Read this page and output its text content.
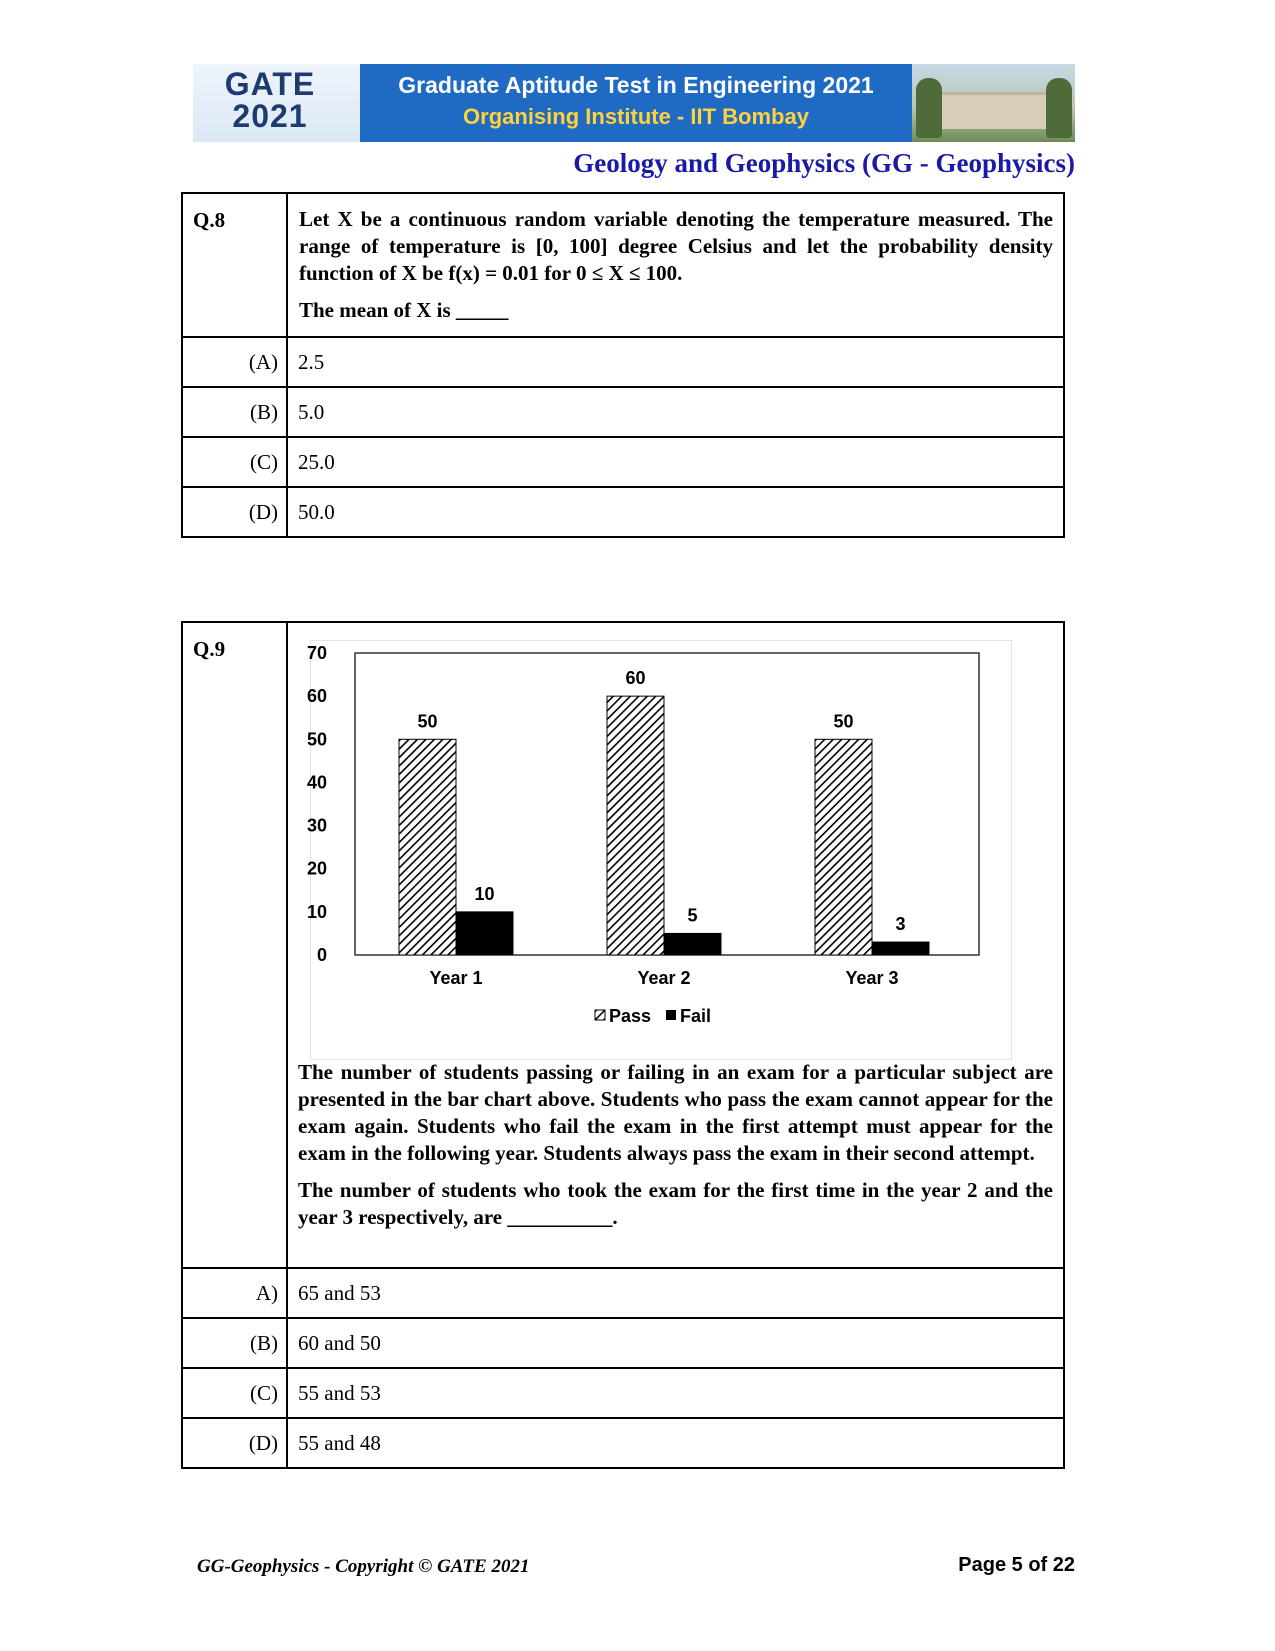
GATE
2021
Graduate Aptitude Test in Engineering 2021
Organising Institute - IIT Bombay
Geology and Geophysics (GG - Geophysics)
Q.8	Let X be a continuous random variable denoting the temperature measured. The range of temperature is [0, 100] degree Celsius and let the probability density function of X be f(x) = 0.01 for 0 ≤ X ≤ 100.
The mean of X is _____

(A)	2.5
(B)	5.0
(C)	25.0
(D)	50.0
Q.9	The number of students passing or failing in an exam for a particular subject are presented in the bar chart above. Students who pass the exam cannot appear for the exam again. Students who fail the exam in the first attempt must appear for the exam in the following year. Students always pass the exam in their second attempt.
The number of students who took the exam for the first time in the year 2 and the year 3 respectively, are __________.

A)	65 and 53
(B)	60 and 50
(C)	55 and 53
(D)	55 and 48
0
10
20
30
40
50
60
70
50
10
Year 1
60
5
Year 2
50
3
Year 3
Pass Fail
GG-Geophysics - Copyright © GATE 2021	Page 5 of 22
